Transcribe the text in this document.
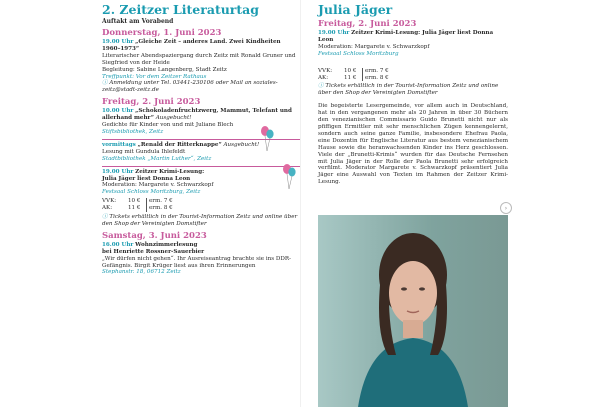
2. Zeitzer Literaturtag
Auftakt am Vorabend
Donnerstag, 1. Juni 2023
19.00 Uhr „Gleiche Zeit – anderes Land. Zwei Kindheiten 1960–1973“
Literarischer Abendspaziergang durch Zeitz mit Ronald Gruner und Siegfried von der Heide
Begleitung: Sabine Langenberg, Stadt Zeitz
Treffpunkt: Vor dem Zeitzer Rathaus
ⓘ Anmeldung unter Tel. 03441-230106 oder Mail an soziales-zeitz@stadt-zeitz.de
Freitag, 2. Juni 2023
10.00 Uhr „Schokoladenfruchtzwerg, Mammut, Telefant und allerhand mehr“ Ausgebucht!
Gedichte für Kinder von und mit Juliane Blech
Stiftsbibliothek, Zeitz
vormittags „Renald der Ritterknappe“ Ausgebucht!
Lesung mit Gundula Ihlefeldt
Stadtbibliothek „Martin Luther“, Zeitz
19.00 Uhr Zeitzer Krimi-Lesung:
Julia Jäger liest Donna Leon
Moderation: Margarete v. Schwarzkopf
Festsaal Schloss Moritzburg, Zeitz
VVK:	10 €	erm. 7 €
AK:	11 €	erm. 8 €
ⓘ Tickets erhältlich in der Tourist-Information Zeitz und online über den Shop der Vereinigten Domstifter
Samstag, 3. Juni 2023
16.00 Uhr Wohnzimmerlesung
bei Henriette Rossner-Sauerbier
„Wir dürfen nicht gehen“. Ihr Ausreiseantrag brachte sie ins DDR-Gefängnis. Birgit Krüger liest aus ihren Erinnerungen
Stephanstr. 18, 06712 Zeitz
Julia Jäger
Freitag, 2. Juni 2023
19.00 Uhr Zeitzer Krimi-Lesung: Julia Jäger liest Donna Leon
Moderation: Margarete v. Schwarzkopf
Festsaal Schloss Moritzburg
VVK:	10 €	erm. 7 €
AK:	11 €	erm. 8 €
ⓘ Tickets erhältlich in der Tourist-Information Zeitz und online über den Shop der Vereinigten Domstifter
Die begeisterte Lesergemeinde, vor allem auch in Deutschland, hat in den vergangenen mehr als 20 Jahren in über 30 Büchern den venezianischen Commissario Guido Brunetti nicht nur als pfiffigen Ermittler mit sehr menschlichen Zügen kennengelernt, sondern auch seine ganze Familie, insbesondere Ehefrau Paola, eine Dozentin für Englische Literatur aus bestem venezianischem Hause sowie die heranwachsenden Kinder ins Herz geschlossen. Viele der „Brunetti-Krimis“ wurden für das Deutsche Fernsehen mit Julia Jäger in der Rolle der Paola Brunetti sehr erfolgreich verfilmt. Moderator Margarete v. Schwarzkopf präsentiert Julia Jäger eine Auswahl von Texten im Rahmen der Zeitzer Krimi-Lesung.
›
